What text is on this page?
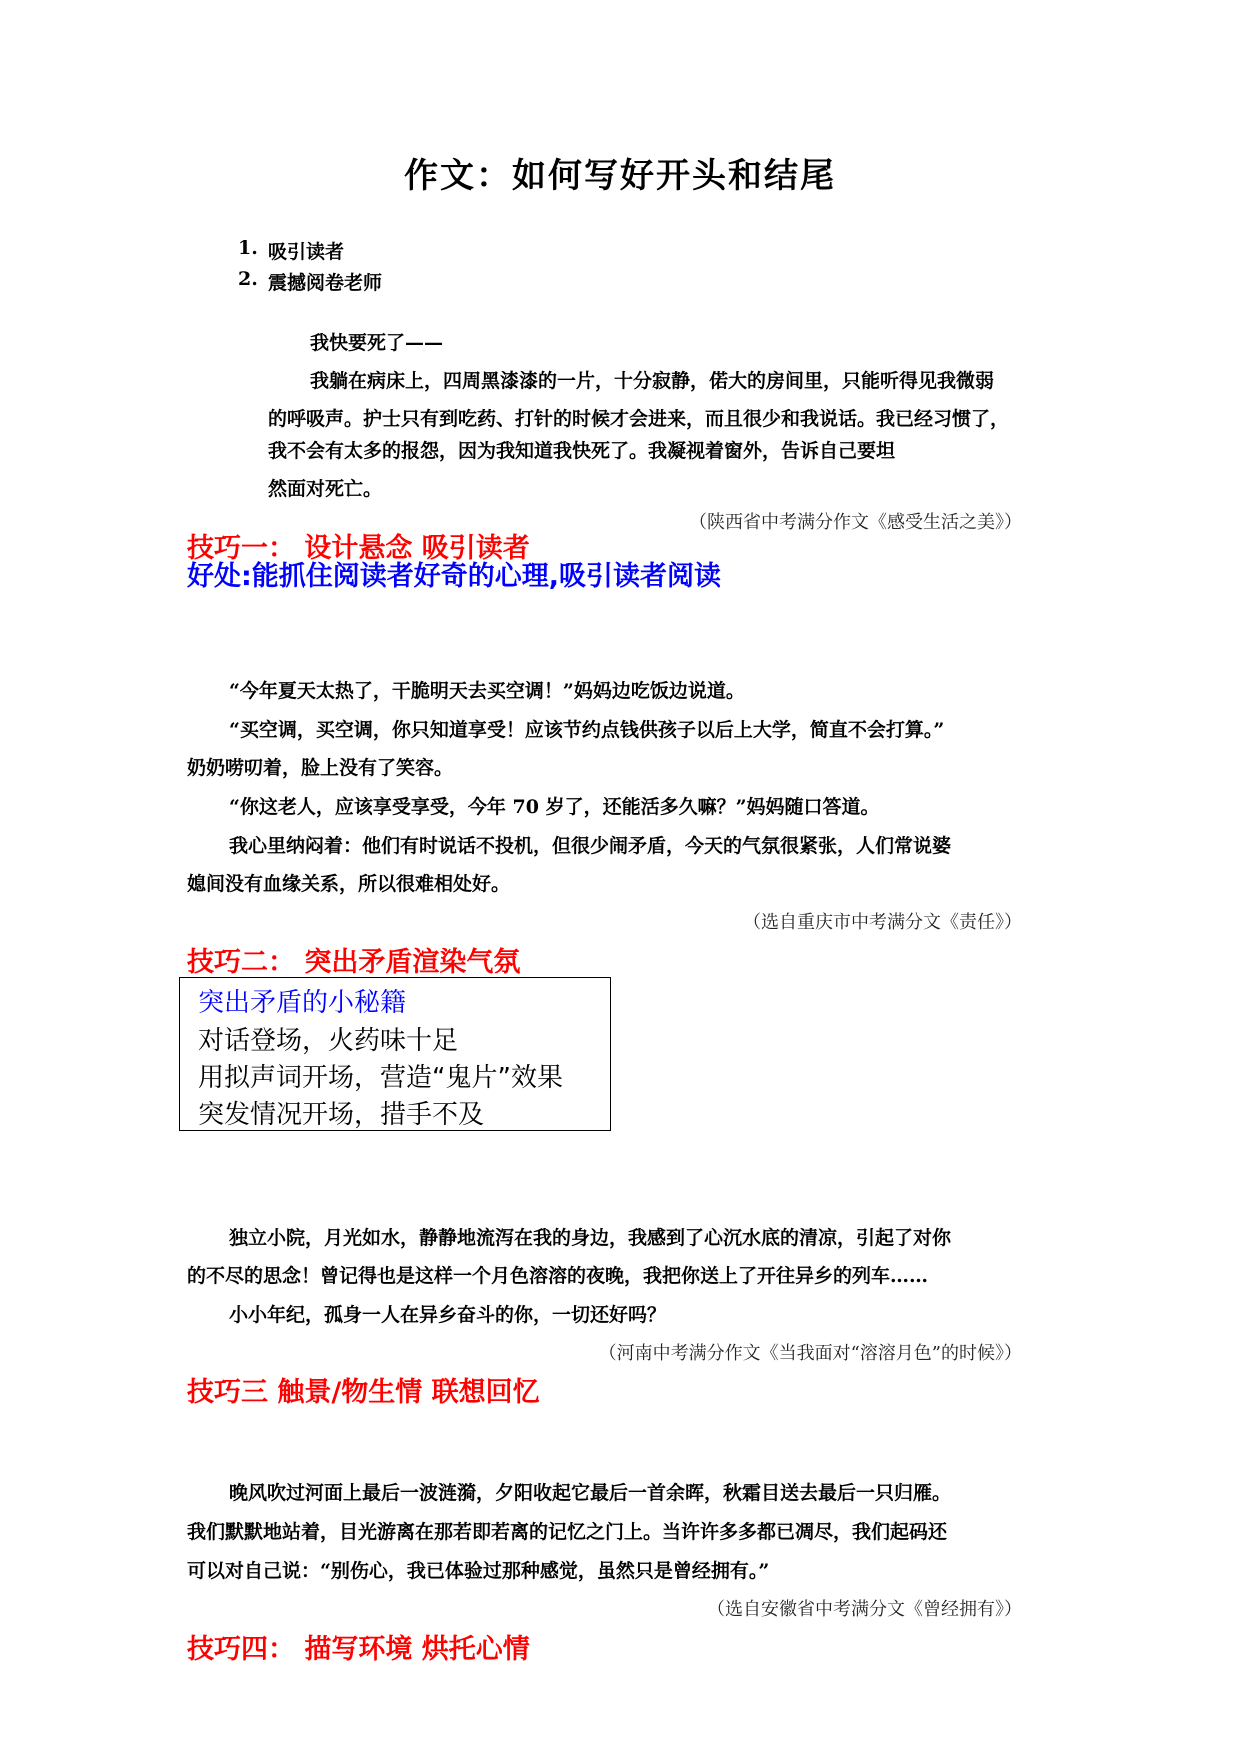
作文：如何写好开头和结尾
1. 吸引读者
2. 震撼阅卷老师
我快要死了——
我躺在病床上，四周黑漆漆的一片，十分寂静，偌大的房间里，只能听得见我微弱
的呼吸声。护士只有到吃药、打针的时候才会进来，而且很少和我说话。我已经习惯了，
我不会有太多的报怨，因为我知道我快死了。我凝视着窗外，告诉自己要坦
然面对死亡。
（陕西省中考满分作文《感受生活之美》）
技巧一： 设计悬念 吸引读者
好处:能抓住阅读者好奇的心理,吸引读者阅读
“今年夏天太热了，干脆明天去买空调！”妈妈边吃饭边说道。
“买空调，买空调，你只知道享受！应该节约点钱供孩子以后上大学，简直不会打算。”
奶奶唠叨着，脸上没有了笑容。
“你这老人，应该享受享受，今年 70 岁了，还能活多久嘛？”妈妈随口答道。
我心里纳闷着：他们有时说话不投机，但很少闹矛盾，今天的气氛很紧张，人们常说婆
媳间没有血缘关系，所以很难相处好。
（选自重庆市中考满分文《责任》）
技巧二： 突出矛盾渲染气氛
突出矛盾的小秘籍
对话登场，火药味十足
用拟声词开场，营造“鬼片”效果
突发情况开场，措手不及
独立小院，月光如水，静静地流泻在我的身边，我感到了心沉水底的清凉，引起了对你
的不尽的思念！曾记得也是这样一个月色溶溶的夜晚，我把你送上了开往异乡的列车……
小小年纪，孤身一人在异乡奋斗的你，一切还好吗？
（河南中考满分作文《当我面对“溶溶月色”的时候》）
技巧三 触景/物生情 联想回忆
晚风吹过河面上最后一波涟漪，夕阳收起它最后一首余晖，秋霜目送去最后一只归雁。
我们默默地站着，目光游离在那若即若离的记忆之门上。当许许多多都已凋尽，我们起码还
可以对自己说：“别伤心，我已体验过那种感觉，虽然只是曾经拥有。”
（选自安徽省中考满分文《曾经拥有》）
技巧四： 描写环境 烘托心情
